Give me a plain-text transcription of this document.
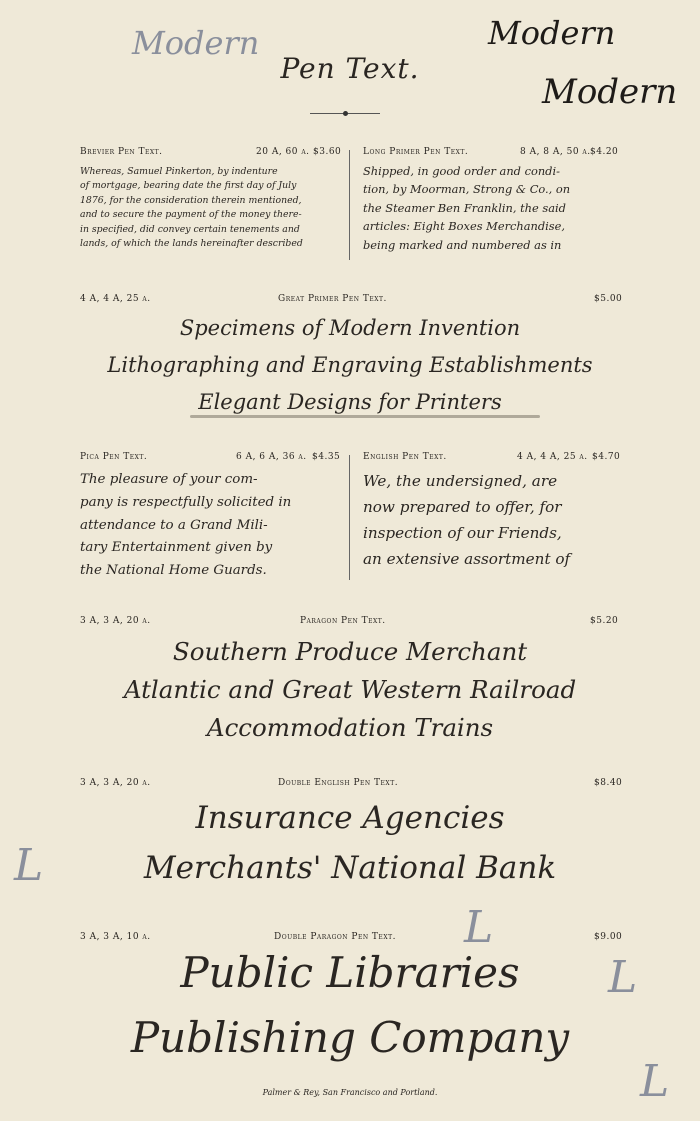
Modern	Modern
Modern
Pen Text.
Brevier Pen Text.	20 A, 60 a. $3.60
Whereas, Samuel Pinkerton, by indenture
of mortgage, bearing date the first day of July
1876, for the consideration therein mentioned,
and to secure the payment of the money there-
in specified, did convey certain tenements and
lands, of which the lands hereinafter described
Long Primer Pen Text.	8 A, 8 A, 50 a. $4.20
Shipped, in good order and condi-
tion, by Moorman, Strong & Co., on
the Steamer Ben Franklin, the said
articles: Eight Boxes Merchandise,
being marked and numbered as in
4 A, 4 A, 25 a.	Great Primer Pen Text.	$5.00
Specimens of Modern Invention
Lithographing and Engraving Establishments
Elegant Designs for Printers
Pica Pen Text.	6 A, 6 A, 36 a. $4.35
The pleasure of your com-
pany is respectfully solicited in
attendance to a Grand Mili-
tary Entertainment given by
the National Home Guards.
English Pen Text.	4 A, 4 A, 25 a. $4.70
We, the undersigned, are
now prepared to offer, for
inspection of our Friends,
an extensive assortment of
3 A, 3 A, 20 a.	Paragon Pen Text.	$5.20
Southern Produce Merchant
Atlantic and Great Western Railroad
Accommodation Trains
3 A, 3 A, 20 a.	Double English Pen Text.	$8.40
Insurance Agencies
Merchants' National Bank
3 A, 3 A, 10 a.	Double Paragon Pen Text.	$9.00
Public Libraries
Publishing Company
L
L
L
L
Palmer & Rey, San Francisco and Portland.
